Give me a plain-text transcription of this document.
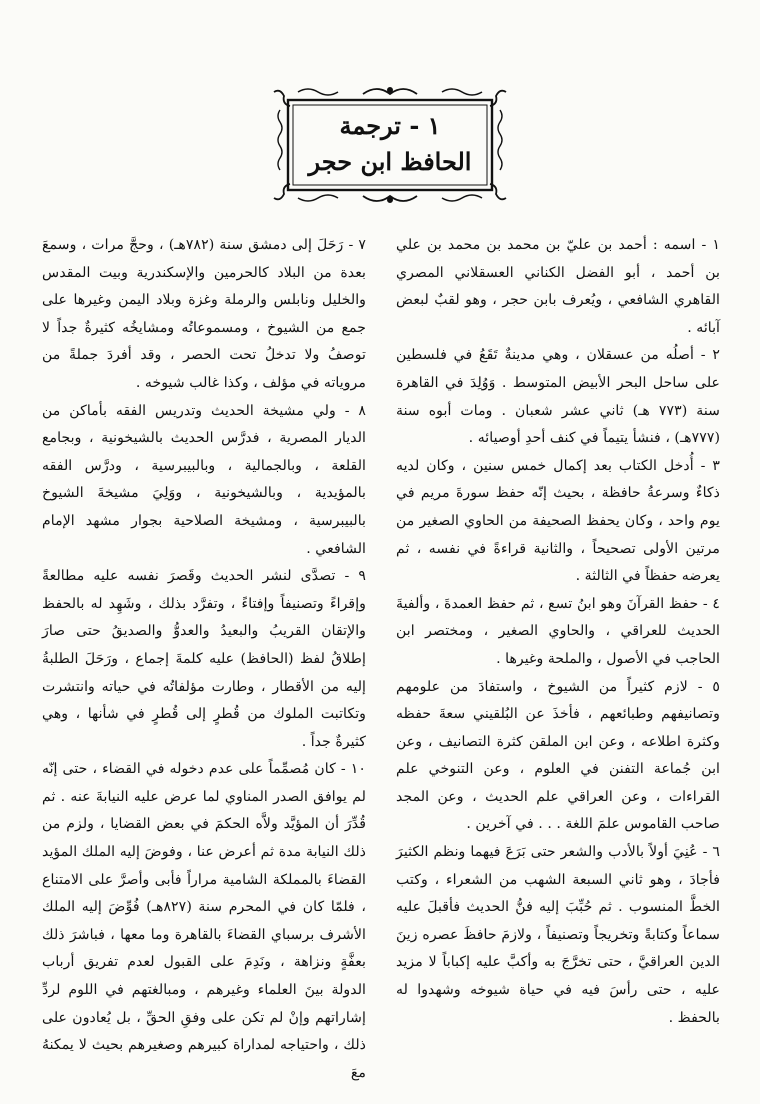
١ - ترجمة
الحافظ ابن حجر

١ - اسمه : أحمد بن عليّ بن محمد بن محمد بن علي بن أحمد ، أبو الفضل الكناني العسقلاني المصري القاهري الشافعي ، ويُعرف بابن حجر ، وهو لقبٌ لبعض آبائه .

٢ - أصلُه من عسقلان ، وهي مدينةٌ تَقَعُ في فلسطين على ساحل البحر الأبيض المتوسط . وَوُلِدَ في القاهرة سنة (٧٧٣ هـ) ثاني عشر شعبان . ومات أبوه سنة (٧٧٧هـ) ، فنشأ يتيماً في كنف أحدِ أوصيائه .

٣ - أُدخل الكتاب بعد إكمال خمس سنين ، وكان لديه ذكاءٌ وسرعةُ حافظة ، بحيث إنّه حفظ سورةَ مريم في يوم واحد ، وكان يحفظ الصحيفة من الحاوي الصغير من مرتين الأولى تصحيحاً ، والثانية قراءةً في نفسه ، ثم يعرضه حفظاً في الثالثة .

٤ - حفظ القرآنَ وهو ابنُ تسع ، ثم حفظ العمدةَ ، وألفيةَ الحديث للعراقي ، والحاوي الصغير ، ومختصر ابن الحاجب في الأصول ، والملحة وغيرها .

٥ - لازم كثيراً من الشيوخ ، واستفادَ من علومهم وتصانيفهم وطبائعهم ، فأخذَ عن البُلقيني سعةَ حفظه وكثرة اطلاعه ، وعن ابن الملقن كثرة التصانيف ، وعن ابن جُماعة التفنن في العلوم ، وعن التنوخي علم القراءات ، وعن العراقي علم الحديث ، وعن المجد صاحب القاموس علمَ اللغة . . . في آخرين .

٦ - عُنِيَ أولاً بالأدب والشعر حتى بَرَعَ فيهما ونظم الكثيرَ فأجادَ ، وهو ثاني السبعة الشهب من الشعراء ، وكتب الخطَّ المنسوب . ثم حُبِّبَ إليه فنُّ الحديث فأقبلَ عليه سماعاً وكتابةً وتخريجاً وتصنيفاً ، ولازمَ حافظَ عصره زينَ الدين العراقيَّ ، حتى تخرَّجَ به وأكبَّ عليه إكباباً لا مزيد عليه ، حتى رأسَ فيه في حياة شيوخه وشهدوا له بالحفظ .

٧ - رَحَلَ إلى دمشق سنة (٧٨٢هـ) ، وحجَّ مرات ، وسمعَ بعدة من البلاد كالحرمين والإسكندرية وبيت المقدس والخليل ونابلس والرملة وغزة وبلاد اليمن وغيرها على جمع من الشيوخ ، ومسموعاتُه ومشايخُه كثيرةٌ جداً لا توصفُ ولا تدخلُ تحت الحصر ، وقد أفردَ جملةً من مروياته في مؤلف ، وكذا غالب شيوخه .

٨ - ولي مشيخة الحديث وتدريس الفقه بأماكن من الديار المصرية ، فدرَّس الحديث بالشيخونية ، وبجامع القلعة ، وبالجمالية ، وبالبيبرسية ، ودرَّس الفقه بالمؤيدية ، وبالشيخونية ، ووَلِيَ مشيخةَ الشيوخ بالبيبرسية ، ومشيخة الصلاحية بجوار مشهد الإمام الشافعي .

٩ - تصدَّى لنشر الحديث وقَصرَ نفسه عليه مطالعةً وإقراءً وتصنيفاً وإفتاءً ، وتفرَّد بذلك ، وشَهِد له بالحفظ والإتقان القريبُ والبعيدُ والعدوُّ والصديقُ حتى صارَ إطلاقُ لفظ (الحافظ) عليه كلمةَ إجماع ، ورَحَلَ الطلبةُ إليه من الأقطار ، وطارت مؤلفاتُه في حياته وانتشرت وتكاتبت الملوك من قُطرٍ إلى قُطرٍ في شأنها ، وهي كثيرةٌ جداً .

١٠ - كان مُصمِّماً على عدم دخوله في القضاء ، حتى إنّه لم يوافق الصدر المناوي لما عرض عليه النيابةَ عنه . ثم قُدِّرَ أن المؤيَّد ولاَّه الحكمَ في بعض القضايا ، ولزم من ذلك النيابة مدة ثم أعرض عنا ، وفوضَ إليه الملك المؤيد القضاءَ بالمملكة الشامية مراراً فأبى وأصرَّ على الامتناع ، فلمّا كان في المحرم سنة (٨٢٧هـ) فُوِّضَ إليه الملك الأشرف برسباي القضاءَ بالقاهرة وما معها ، فباشرَ ذلك بعفَّةٍ ونزاهة ، ونَدِمَ على القبول لعدم تفريق أرباب الدولة بينَ العلماء وغيرهم ، ومبالغتهم في اللوم لردِّ إشاراتهم وإنْ لم تكن على وفقِ الحقِّ ، بل يُعادون على ذلك ، واحتياجه لمداراة كبيرهم وصغيرهم بحيث لا يمكنهُ معَ
